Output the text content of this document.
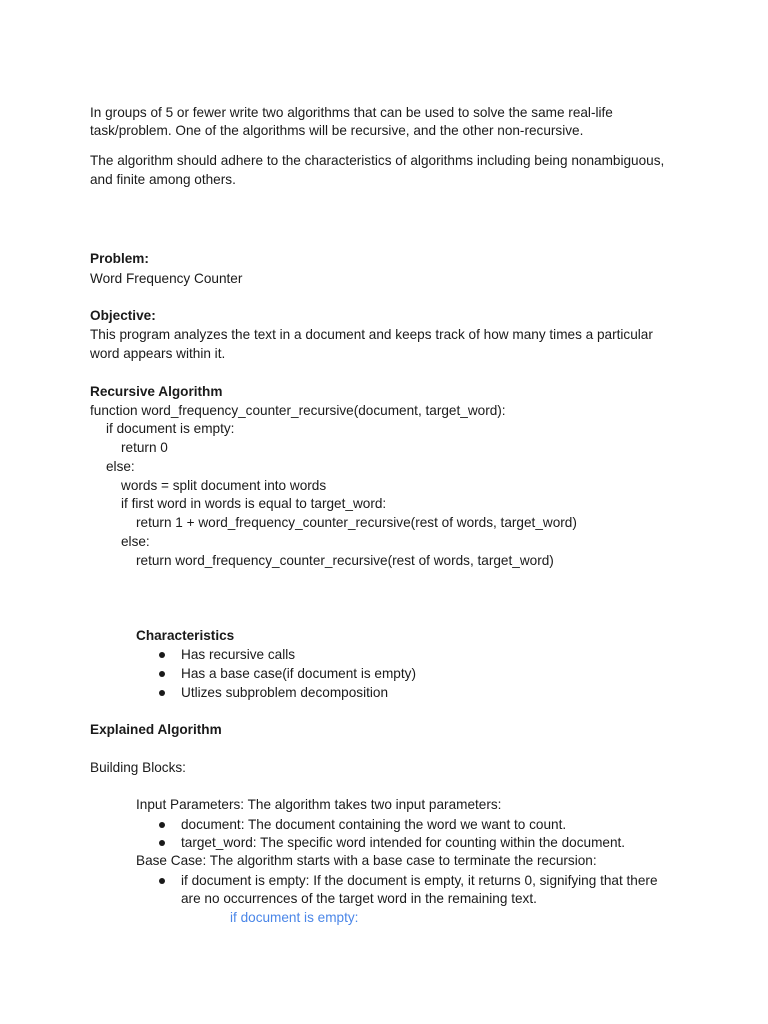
In groups of 5 or fewer write two algorithms that can be used to solve the same real-life
task/problem. One of the algorithms will be recursive, and the other non-recursive.
The algorithm should adhere to the characteristics of algorithms including being nonambiguous,
and finite among others.
Problem:
Word Frequency Counter
Objective:
This program analyzes the text in a document and keeps track of how many times a particular
word appears within it.
Recursive Algorithm
function word_frequency_counter_recursive(document, target_word):
if document is empty:
return 0
else:
words = split document into words
if first word in words is equal to target_word:
return 1 + word_frequency_counter_recursive(rest of words, target_word)
else:
return word_frequency_counter_recursive(rest of words, target_word)
Characteristics
Has recursive calls
Has a base case(if document is empty)
Utlizes subproblem decomposition
Explained Algorithm
Building Blocks:
Input Parameters: The algorithm takes two input parameters:
document: The document containing the word we want to count.
target_word: The specific word intended for counting within the document.
Base Case: The algorithm starts with a base case to terminate the recursion:
if document is empty: If the document is empty, it returns 0, signifying that there
are no occurrences of the target word in the remaining text.
if document is empty:
